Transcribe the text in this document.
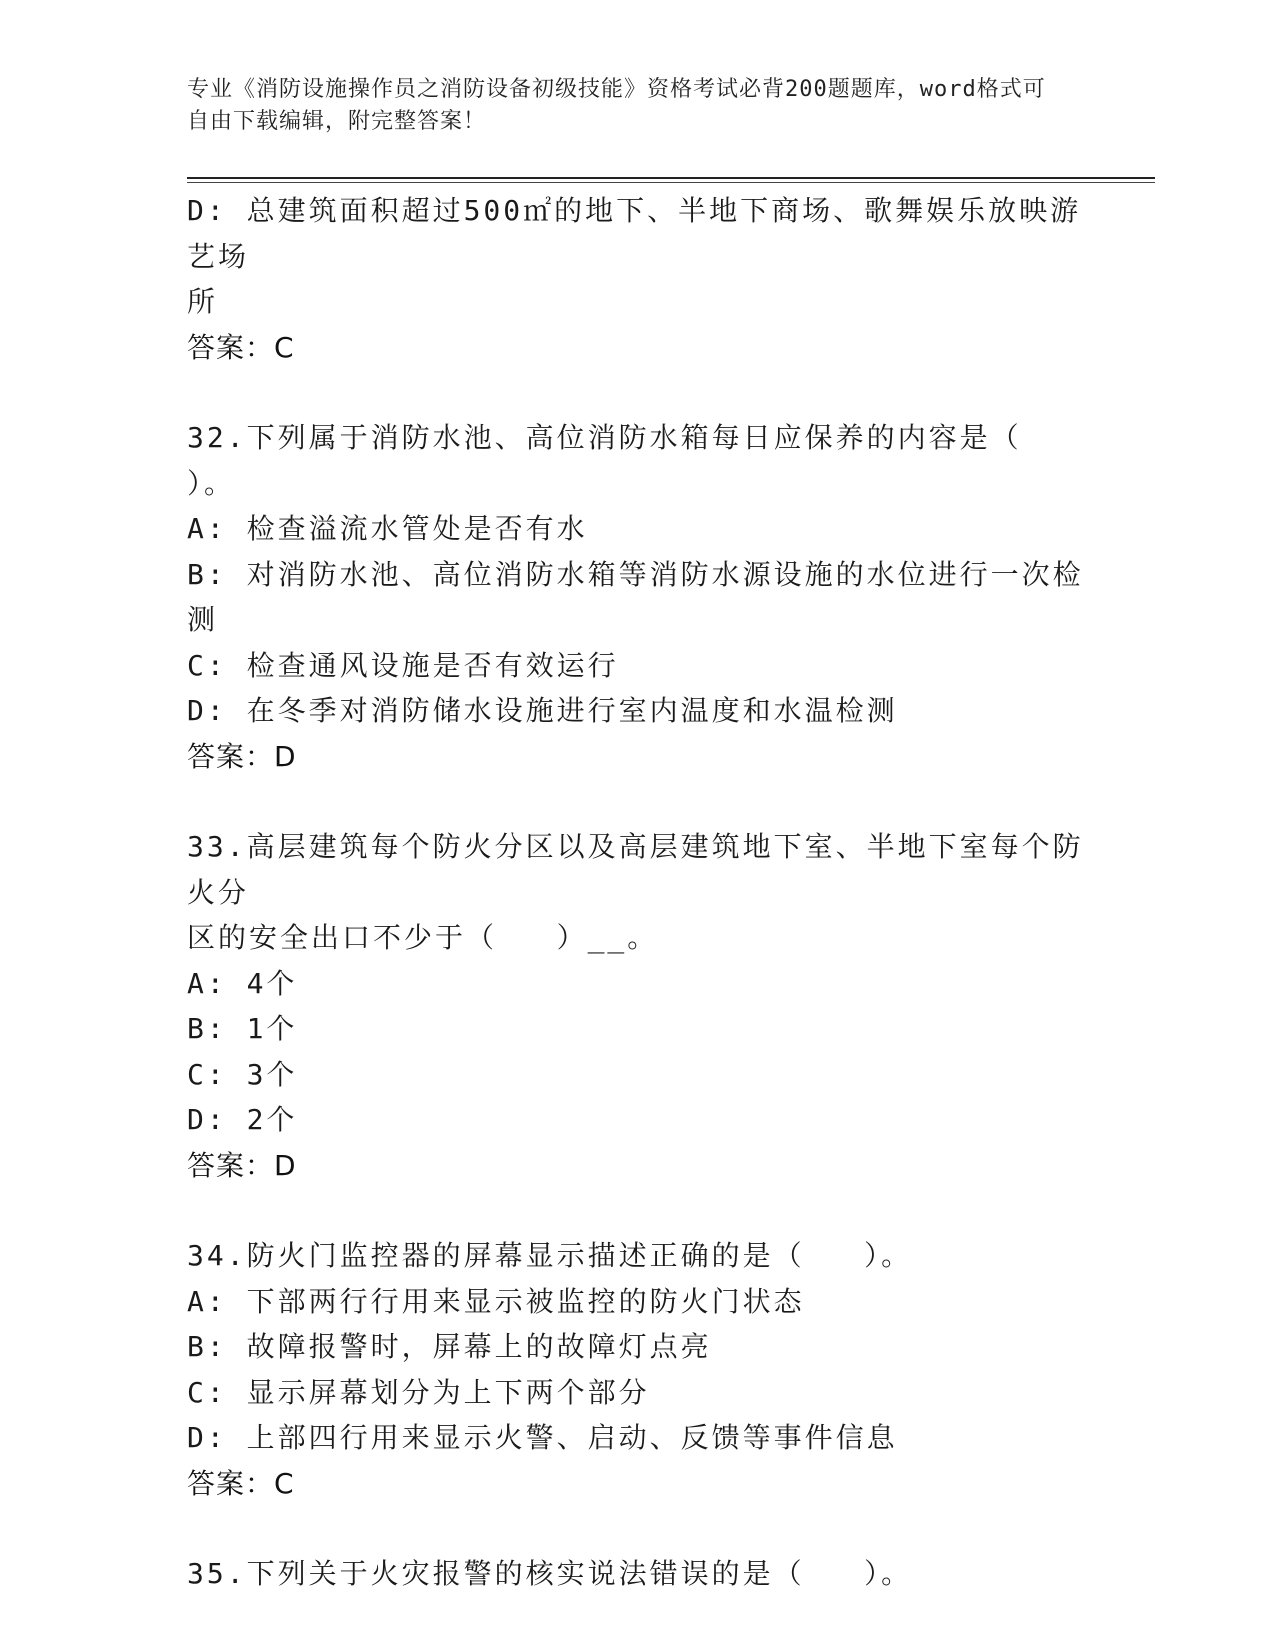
专业《消防设施操作员之消防设备初级技能》资格考试必背200题题库，word格式可自由下载编辑，附完整答案！
D: 总建筑面积超过500㎡的地下、半地下商场、歌舞娱乐放映游艺场
所
答案：C
32.下列属于消防水池、高位消防水箱每日应保养的内容是（   ）。
A: 检查溢流水管处是否有水
B: 对消防水池、高位消防水箱等消防水源设施的水位进行一次检测
C: 检查通风设施是否有效运行
D: 在冬季对消防储水设施进行室内温度和水温检测
答案：D
33.高层建筑每个防火分区以及高层建筑地下室、半地下室每个防火分
区的安全出口不少于（   ）__。
A: 4个
B: 1个
C: 3个
D: 2个
答案：D
34.防火门监控器的屏幕显示描述正确的是（   ）。
A: 下部两行行用来显示被监控的防火门状态
B: 故障报警时，屏幕上的故障灯点亮
C: 显示屏幕划分为上下两个部分
D: 上部四行用来显示火警、启动、反馈等事件信息
答案：C
35.下列关于火灾报警的核实说法错误的是（   ）。
